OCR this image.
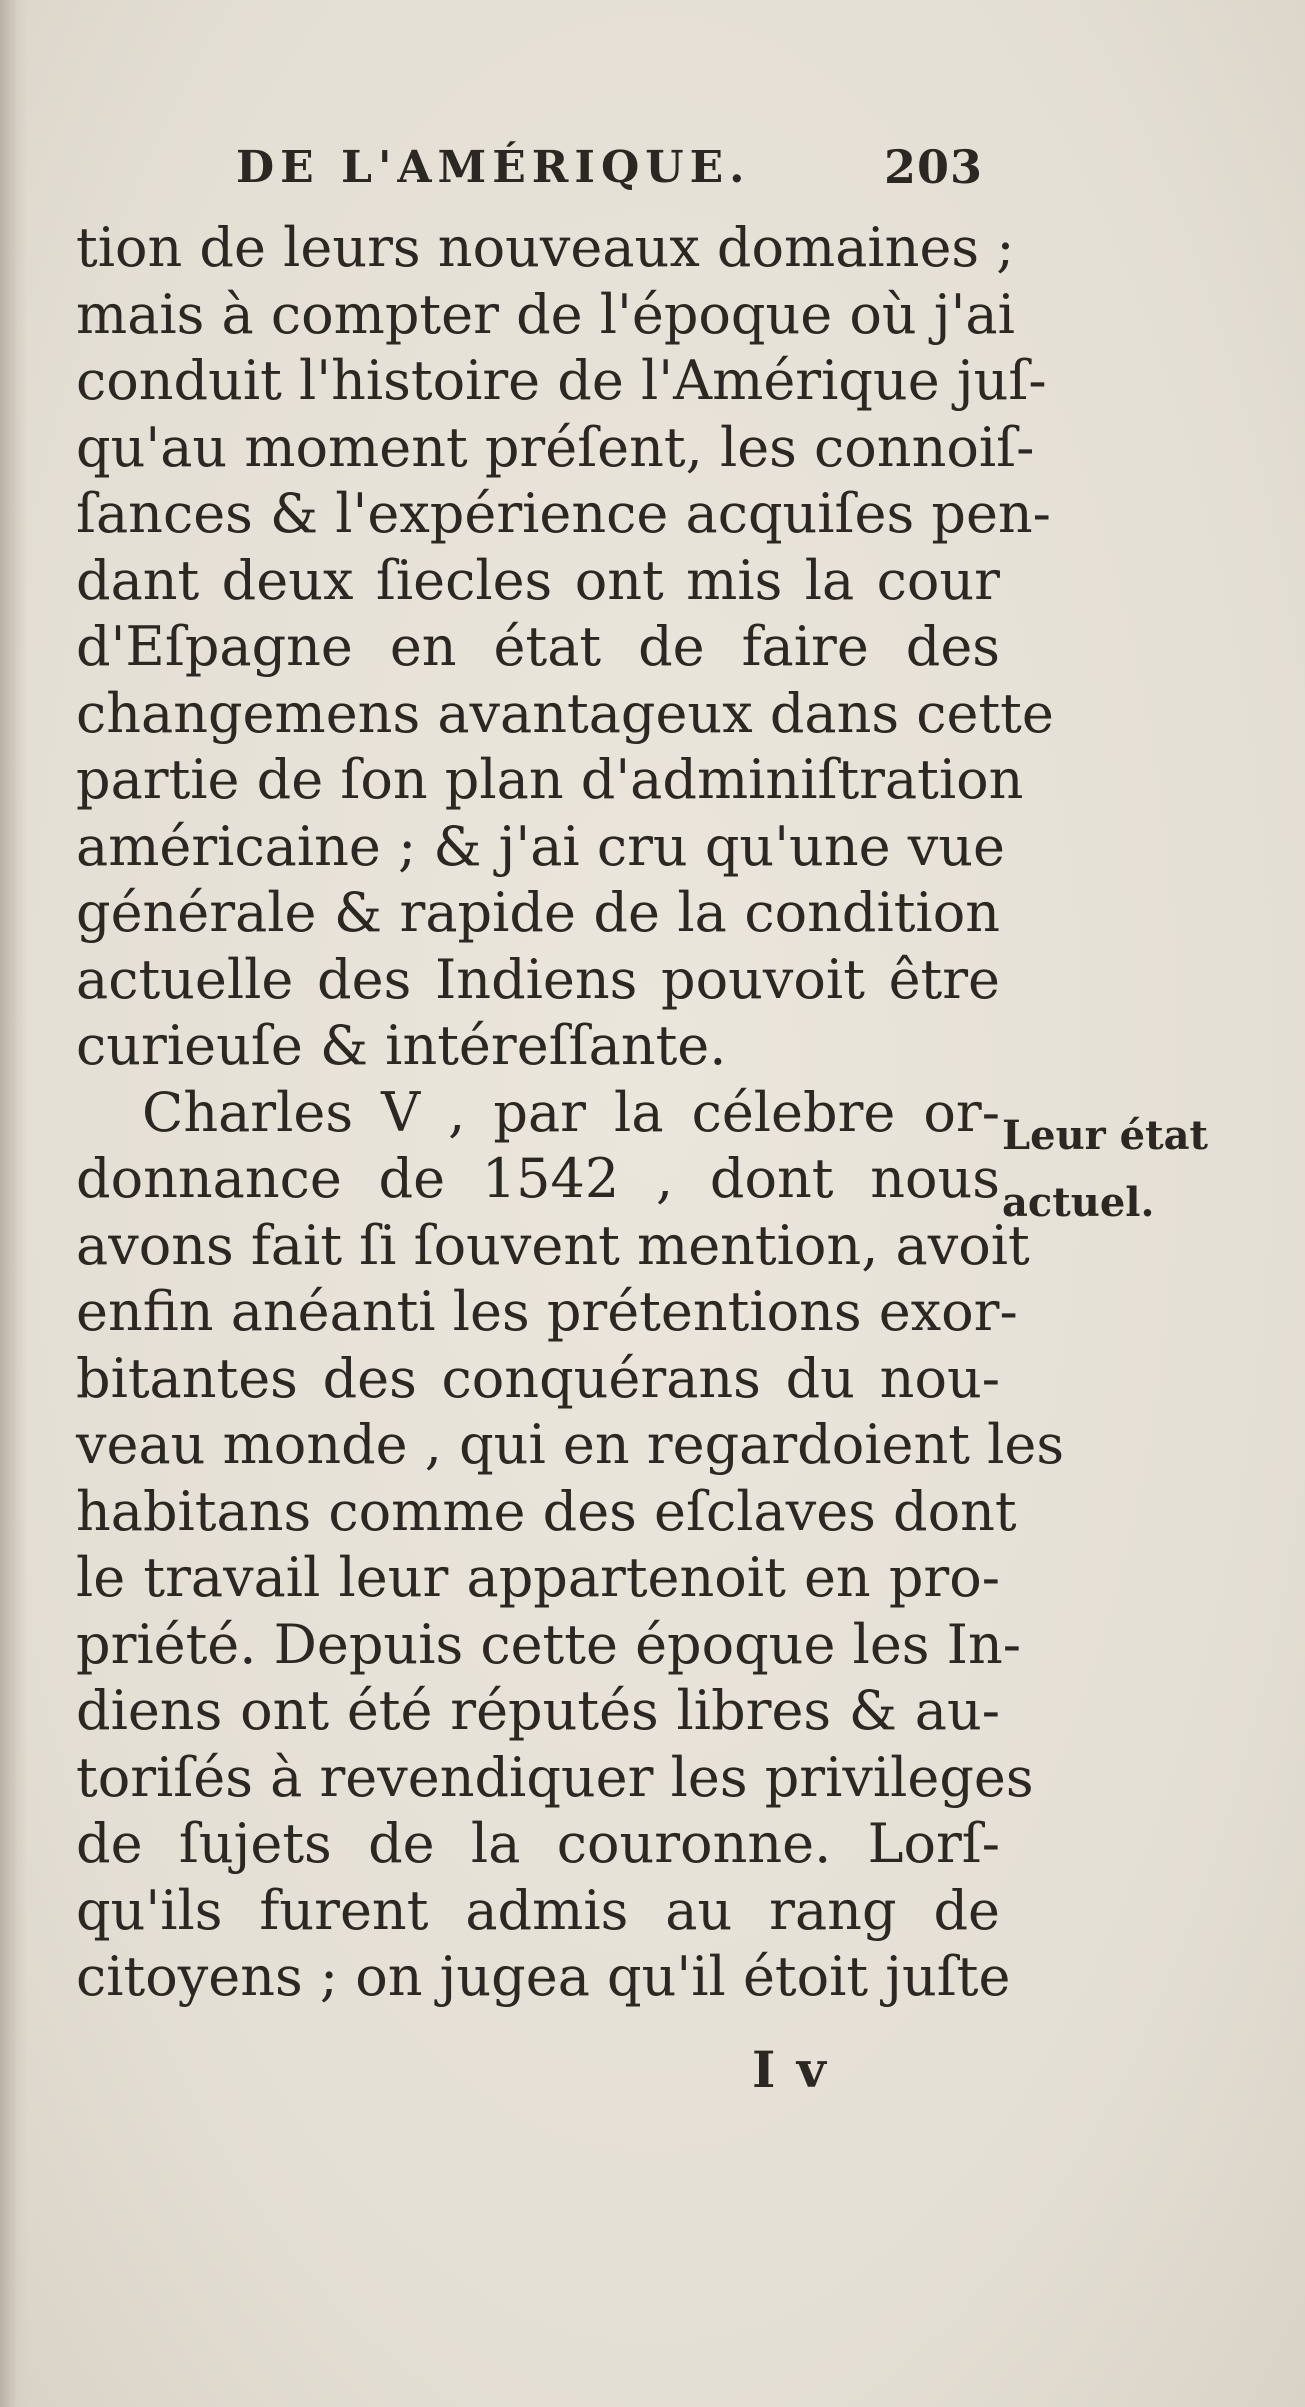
DE L'AMÉRIQUE.	203
tion de leurs nouveaux domaines ;
mais à compter de l'époque où j'ai
conduit l'histoire de l'Amérique juſ-
qu'au moment préſent, les connoiſ-
ſances & l'expérience acquiſes pen-
dant deux ſiecles ont mis la cour
d'Eſpagne en état de faire des
changemens avantageux dans cette
partie de ſon plan d'adminiſtration
américaine ; & j'ai cru qu'une vue
générale & rapide de la condition
actuelle des Indiens pouvoit être
curieuſe & intéreſſante.
Charles V , par la célebre or-
donnance de 1542 , dont nous
avons fait ſi ſouvent mention, avoit
enfin anéanti les prétentions exor-
bitantes des conquérans du nou-
veau monde , qui en regardoient les
habitans comme des eſclaves dont
le travail leur appartenoit en pro-
priété. Depuis cette époque les In-
diens ont été réputés libres & au-
toriſés à revendiquer les privileges
de ſujets de la couronne. Lorſ-
qu'ils furent admis au rang de
citoyens ; on jugea qu'il étoit juſte
Leur état
actuel.
I v
